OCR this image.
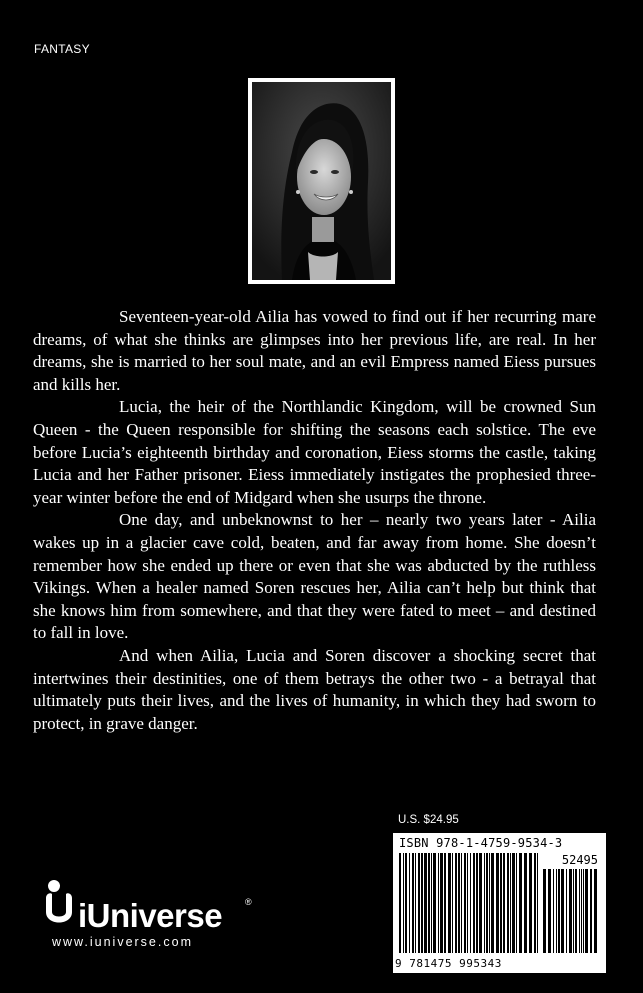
FANTASY

Seventeen-year-old Ailia has vowed to find out if her recurring mare dreams, of what she thinks are glimpses into her previous life, are real. In her dreams, she is married to her soul mate, and an evil Empress named Eiess pursues and kills her.

Lucia, the heir of the Northlandic Kingdom, will be crowned Sun Queen - the Queen responsible for shifting the seasons each solstice. The eve before Lucia’s eighteenth birthday and coronation, Eiess storms the castle, taking Lucia and her Father prisoner. Eiess immediately instigates the prophesied three-year winter before the end of Midgard when she usurps the throne.

One day, and unbeknownst to her – nearly two years later - Ailia wakes up in a glacier cave cold, beaten, and far away from home. She doesn’t remember how she ended up there or even that she was abducted by the ruthless Vikings. When a healer named Soren rescues her, Ailia can’t help but think that she knows him from somewhere, and that they were fated to meet – and destined to fall in love.

And when Ailia, Lucia and Soren discover a shocking secret that intertwines their destinities, one of them betrays the other two - a betrayal that ultimately puts their lives, and the lives of humanity, in which they had sworn to protect, in grave danger.

U.S. $24.95
ISBN 978-1-4759-9534-3
52495
9 781475 995343
iUniverse	®
www.iuniverse.com
